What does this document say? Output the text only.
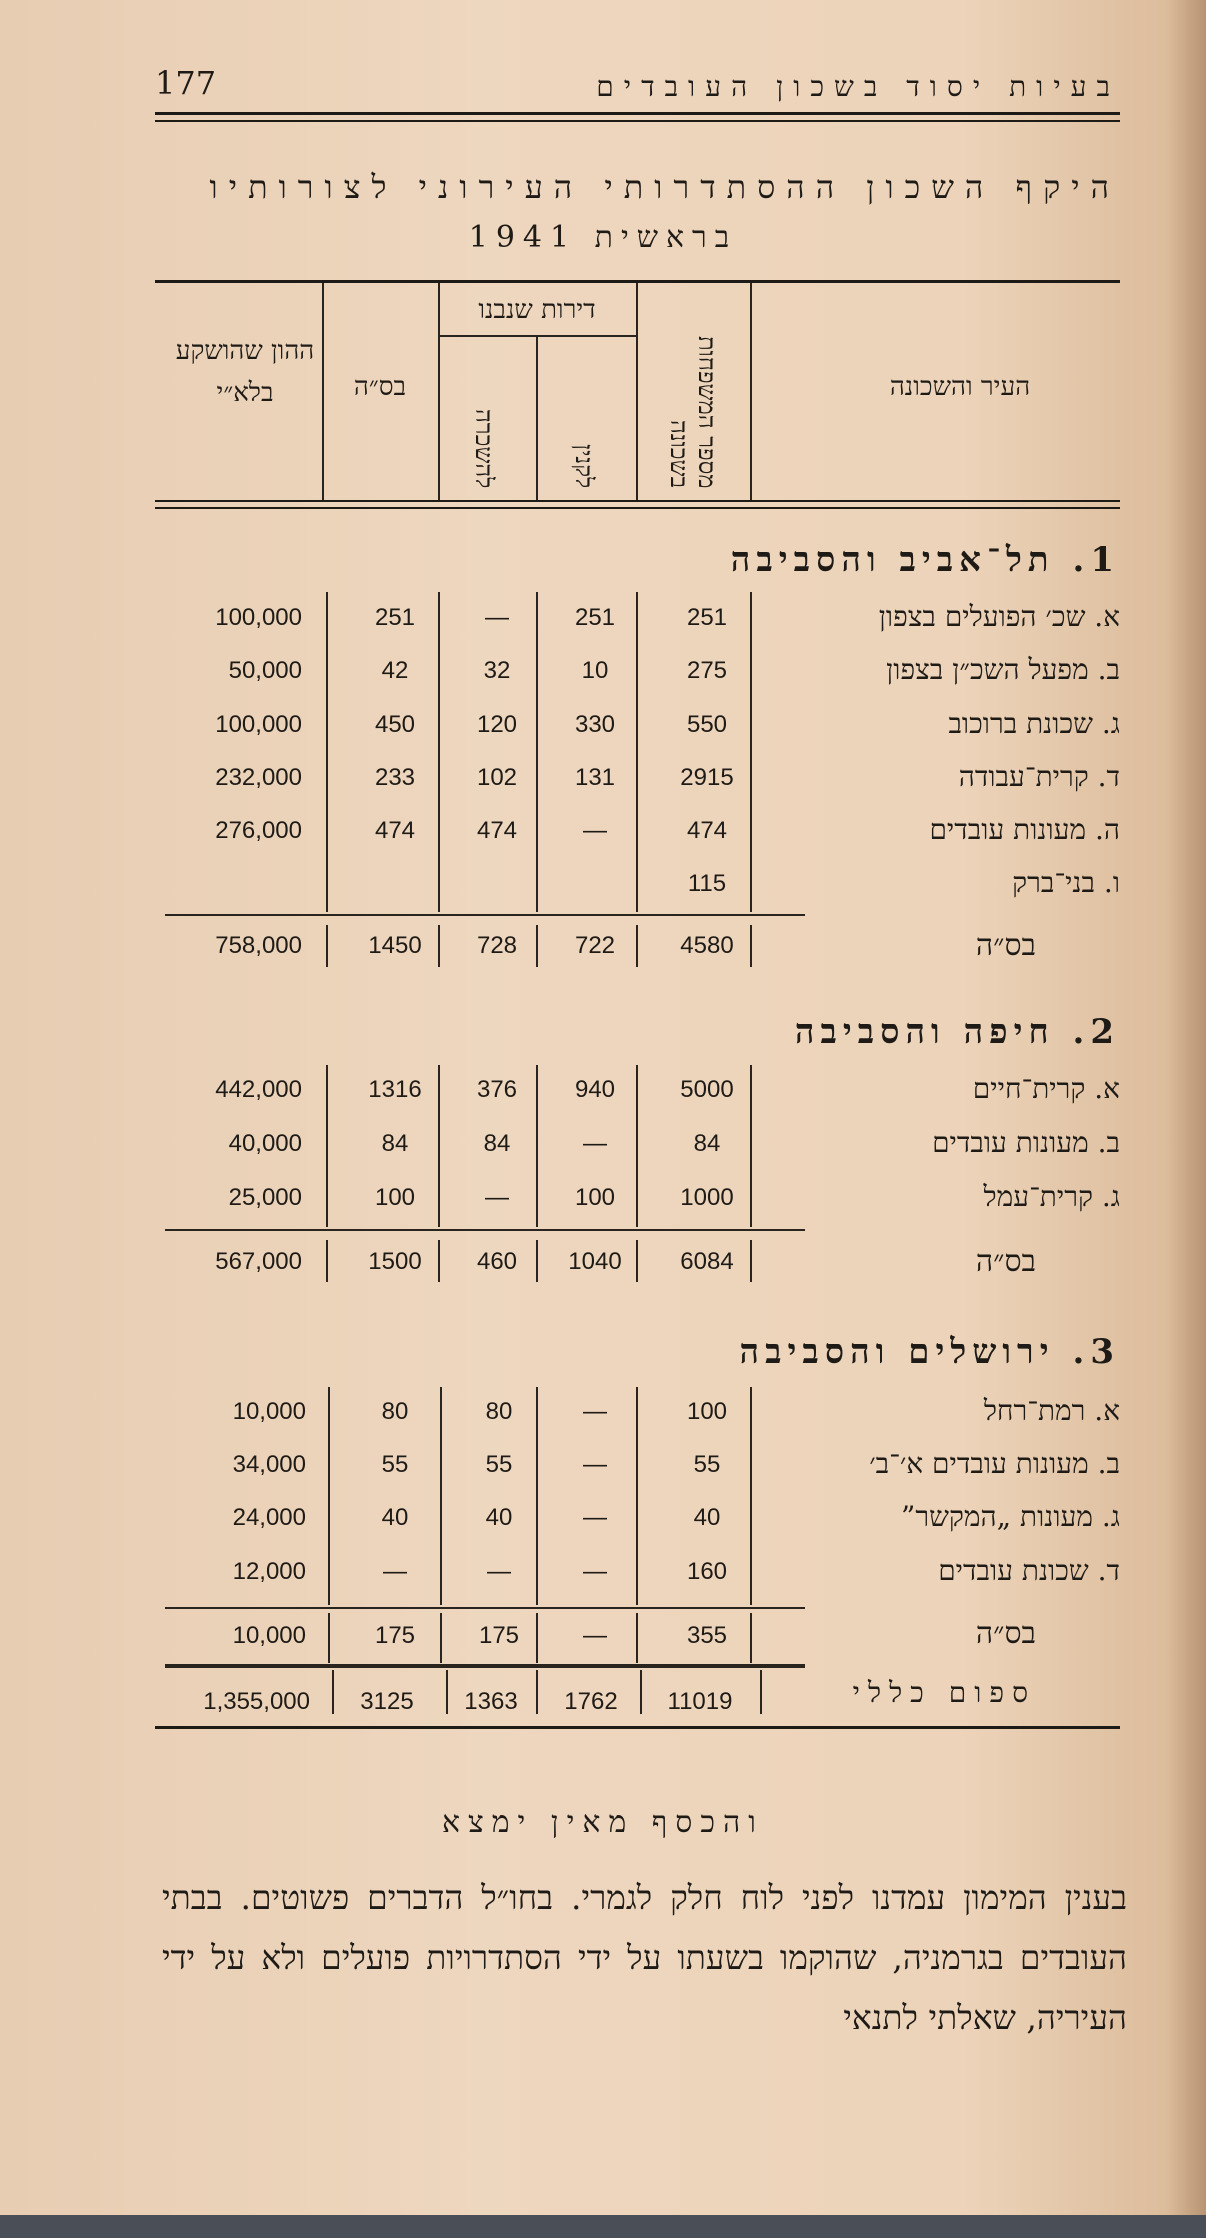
177	בעיות יסוד בשכון העובדים
היקף השכון ההסתדרותי העירוני לצורותיו
בראשית 1941
העיר והשכונה
מספר המשפחות בשכונה
דירות שנבנו
לקנין
להשכרה
בס״ה
ההון שהושקע בלא״י
1. תל־אביב והסביבה
א. שכ׳ הפועלים בצפון
251
251
—
251
100,000
ב. מפעל השכ״ן בצפון
275
10
32
42
50,000
ג. שכונת ברוכוב
550
330
120
450
100,000
ד. קרית־עבודה
2915
131
102
233
232,000
ה. מעונות עובדים
474
—
474
474
276,000
ו. בני־ברק
115
בס״ה
4580
722
728
1450
758,000
2. חיפה והסביבה
א. קרית־חיים
5000
940
376
1316
442,000
ב. מעונות עובדים
84
—
84
84
40,000
ג. קרית־עמל
1000
100
—
100
25,000
בס״ה
6084
1040
460
1500
567,000
3. ירושלים והסביבה
א. רמת־רחל
100
—
80
80
10,000
ב. מעונות עובדים א׳־ב׳
55
—
55
55
34,000
ג. מעונות „המקשר”
40
—
40
40
24,000
ד. שכונת עובדים
160
—
—
—
12,000
בס״ה
355
—
175
175
10,000
ספום כללי
11019
1762
1363
3125
1,355,000
והכסף מאין ימצא
בענין המימון עמדנו לפני לוח חלק לגמרי. בחו״ל הדברים פשוטים. בבתי העובדים בגרמניה, שהוקמו בשעתו על ידי הסתדרויות פועלים ולא על ידי העיריה, שאלתי לתנאי
